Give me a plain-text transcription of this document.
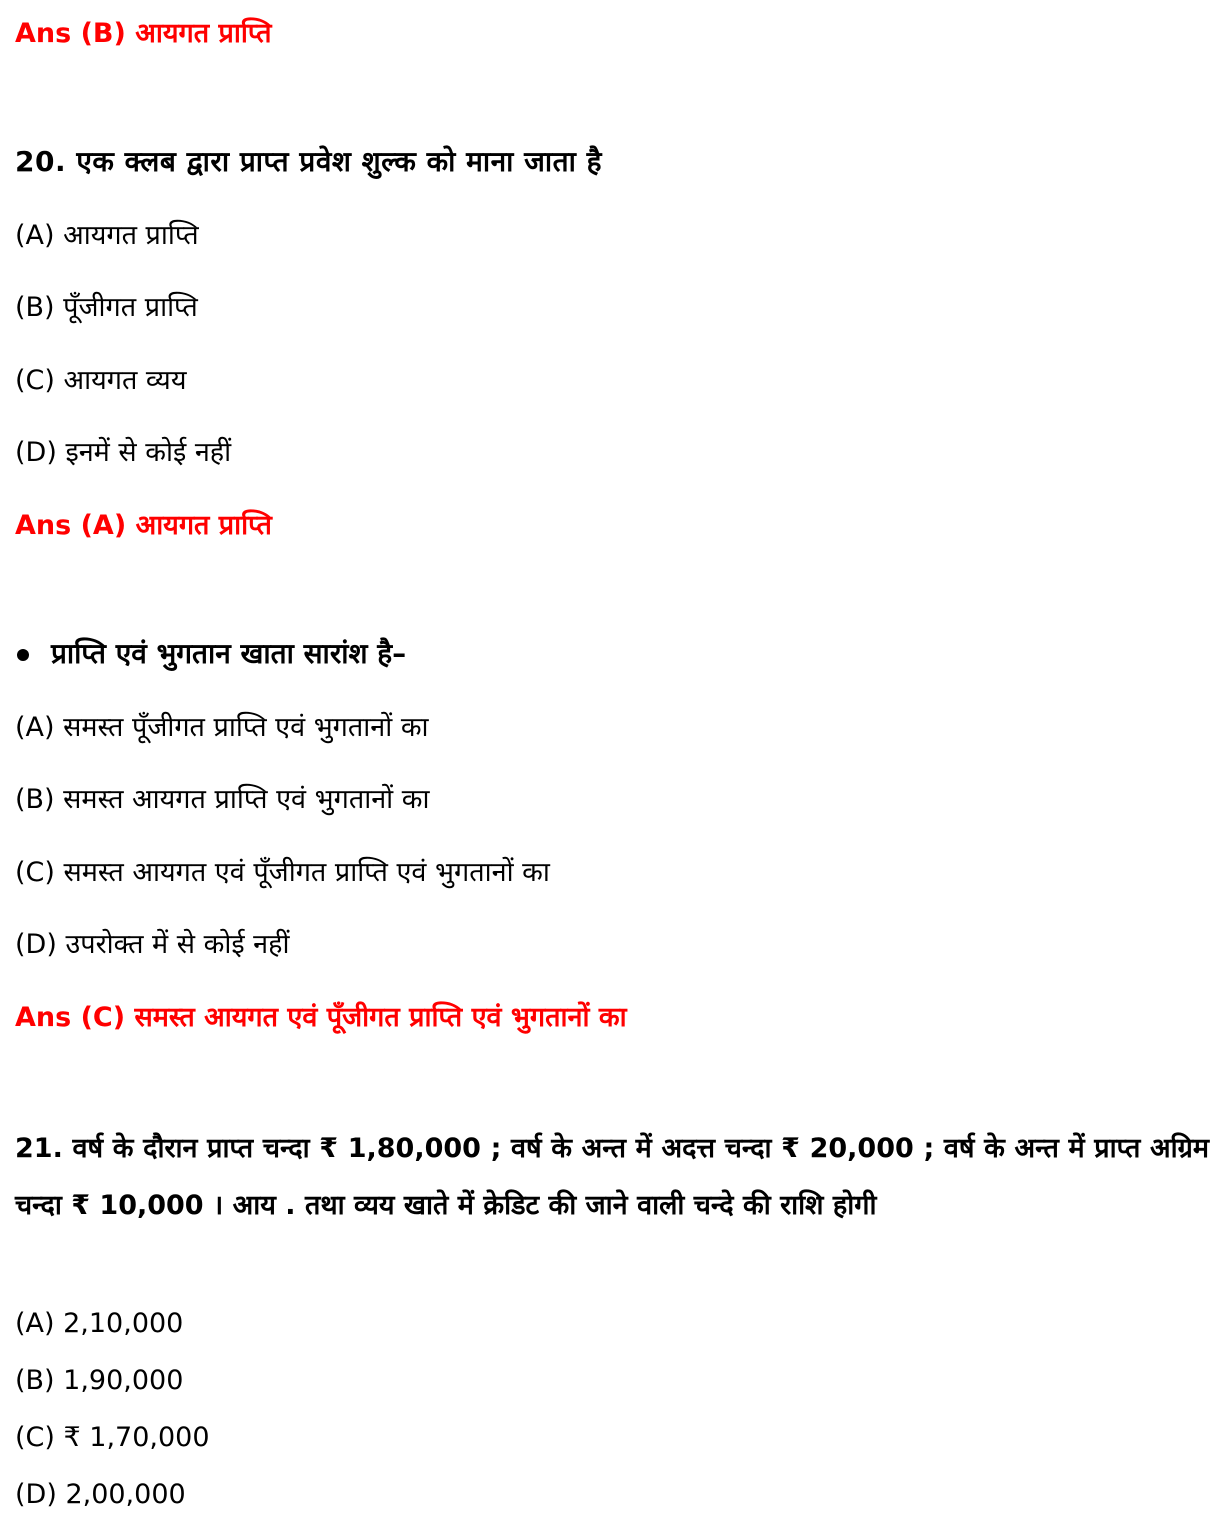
Ans (B) आयगत प्राप्ति

20. एक क्लब द्वारा प्राप्त प्रवेश शुल्क को माना जाता है

(A) आयगत प्राप्ति

(B) पूँजीगत प्राप्ति

(C) आयगत व्यय

(D) इनमें से कोई नहीं

Ans (A) आयगत प्राप्ति

प्राप्ति एवं भुगतान खाता सारांश है–

(A) समस्त पूँजीगत प्राप्ति एवं भुगतानों का

(B) समस्त आयगत प्राप्ति एवं भुगतानों का

(C) समस्त आयगत एवं पूँजीगत प्राप्ति एवं भुगतानों का

(D) उपरोक्त में से कोई नहीं

Ans (C) समस्त आयगत एवं पूँजीगत प्राप्ति एवं भुगतानों का

21. वर्ष के दौरान प्राप्त चन्दा ₹ 1,80,000 ; वर्ष के अन्त में अदत्त चन्दा ₹ 20,000 ; वर्ष के अन्त में प्राप्त अग्रिम चन्दा ₹ 10,000 । आय . तथा व्यय खाते में क्रेडिट की जाने वाली चन्दे की राशि होगी

(A) 2,10,000

(B) 1,90,000

(C) ₹ 1,70,000

(D) 2,00,000
